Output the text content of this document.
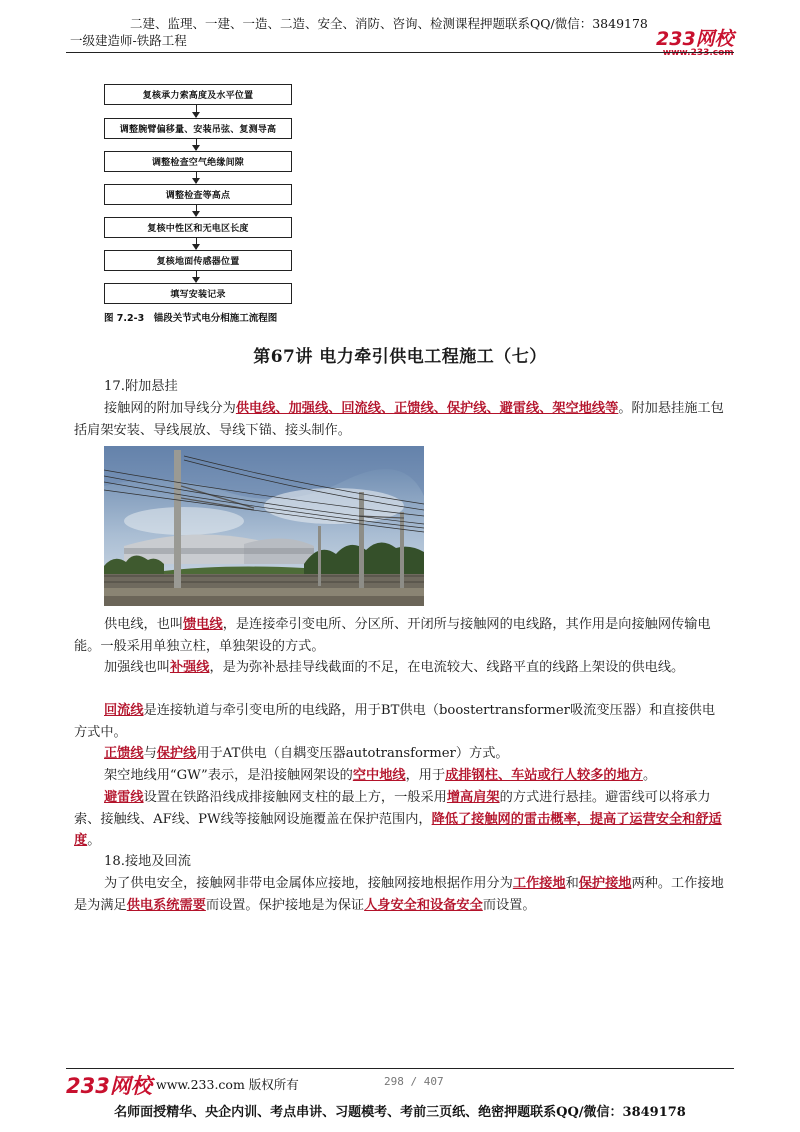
二建、监理、一建、一造、二造、安全、消防、咨询、检测课程押题联系QQ/微信：3849178
一级建造师-铁路工程	233网校
www.233.com
复核承力索高度及水平位置
调整腕臂偏移量、安装吊弦、复测导高
调整检查空气绝缘间隙
调整检查等高点
复核中性区和无电区长度
复核地面传感器位置
填写安装记录
图 7.2-3　锚段关节式电分相施工流程图
第67讲 电力牵引供电工程施工（七）
17.附加悬挂
接触网的附加导线分为供电线、加强线、回流线、正馈线、保护线、避雷线、架空地线等。附加悬挂施工包括肩架安装、导线展放、导线下锚、接头制作。
供电线，也叫馈电线，是连接牵引变电所、分区所、开闭所与接触网的电线路，其作用是向接触网传输电能。一般采用单独立柱，单独架设的方式。
加强线也叫补强线，是为弥补悬挂导线截面的不足，在电流较大、线路平直的线路上架设的供电线。
回流线是连接轨道与牵引变电所的电线路，用于BT供电（boostertransformer吸流变压器）和直接供电方式中。
正馈线与保护线用于AT供电（自耦变压器autotransformer）方式。
架空地线用“GW”表示，是沿接触网架设的空中地线，用于成排钢柱、车站或行人较多的地方。
避雷线设置在铁路沿线成排接触网支柱的最上方，一般采用增高肩架的方式进行悬挂。避雷线可以将承力索、接触线、AF线、PW线等接触网设施覆盖在保护范围内，降低了接触网的雷击概率，提高了运营安全和舒适度。
18.接地及回流
为了供电安全，接触网非带电金属体应接地，接触网接地根据作用分为工作接地和保护接地两种。工作接地是为满足供电系统需要而设置。保护接地是为保证人身安全和设备安全而设置。
233网校 www.233.com 版权所有	298 / 407
名师面授精华、央企内训、考点串讲、习题模考、考前三页纸、绝密押题联系QQ/微信：3849178
